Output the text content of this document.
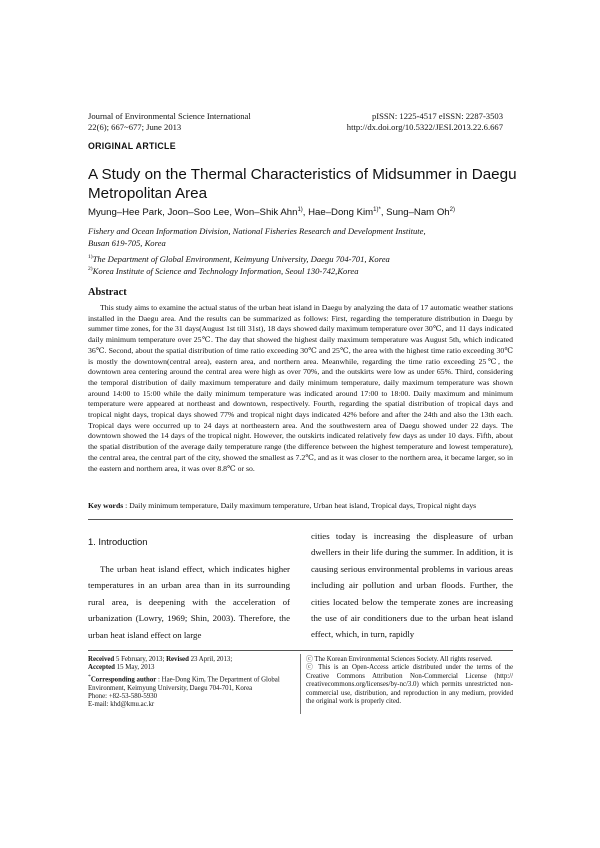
Journal of Environmental Science International
22(6); 667~677; June 2013
pISSN: 1225-4517 eISSN: 2287-3503
http://dx.doi.org/10.5322/JESI.2013.22.6.667
ORIGINAL ARTICLE
A Study on the Thermal Characteristics of Midsummer in Daegu Metropolitan Area
Myung–Hee Park, Joon–Soo Lee, Won–Shik Ahn$^{1)}$, Hae–Dong Kim$^{1)*}$, Sung–Nam Oh$^{2)}$
Fishery and Ocean Information Division, National Fisheries Research and Development Institute,
Busan 619-705, Korea
$^{1)}$The Department of Global Environment, Keimyung University, Daegu 704-701, Korea
$^{2)}$Korea Institute of Science and Technology Information, Seoul 130-742,Korea
Abstract

This study aims to examine the actual status of the urban heat island in Daegu by analyzing the data of 17 automatic weather stations installed in the Daegu area. And the results can be summarized as follows: First, regarding the temperature distribution in Daegu by summer time zones, for the 31 days(August 1st till 31st), 18 days showed daily maximum temperature over 30℃, and 11 days indicated daily minimum temperature over 25℃. The day that showed the highest daily maximum temperature was August 5th, which indicated 36℃. Second, about the spatial distribution of time ratio exceeding 30℃ and 25℃, the area with the highest time ratio exceeding 30℃ is mostly the downtown(central area), eastern area, and northern area. Meanwhile, regarding the time ratio exceeding 25℃, the downtown area centering around the central area were high as over 70%, and the outskirts were low as under 65%. Third, considering the temporal distribution of daily maximum temperature and daily minimum temperature, daily maximum temperature was shown around 14:00 to 15:00 while the daily minimum temperature was indicated around 17:00 to 18:00. Daily maximum and minimum temperature were appeared at northeast and downtown, respectively. Fourth, regarding the spatial distribution of tropical days and tropical night days, tropical days showed 77% and tropical night days indicated 42% before and after the 24th and also the 13th each. Tropical days were occurred up to 24 days at northeastern area. And the southwestern area of Daegu showed under 22 days. The downtown showed the 14 days of the tropical night. However, the outskirts indicated relatively few days as under 10 days. Fifth, about the spatial distribution of the average daily temperature range (the difference between the highest temperature and lowest temperature), the central area, the central part of the city, showed the smallest as 7.2℃, and as it was closer to the northern area, it became larger, so in the eastern and northern area, it was over 8.8℃ or so.

Key words : Daily minimum temperature, Daily maximum temperature, Urban heat island, Tropical days, Tropical night days
1. Introduction

The urban heat island effect, which indicates higher temperatures in an urban area than in its surrounding rural area, is deepening with the acceleration of urbanization (Lowry, 1969; Shin, 2003). Therefore, the urban heat island effect on large

cities today is increasing the displeasure of urban dwellers in their life during the summer. In addition, it is causing serious environmental problems in various areas including air pollution and urban floods. Further, the cities located below the temperate zones are increasing the use of air conditioners due to the urban heat island effect, which, in turn, rapidly

Received 5 February, 2013; Revised 23 April, 2013;
Accepted 15 May, 2013
*Corresponding author : Hae-Dong Kim, The Department of Global Environment, Keimyung University, Daegu 704-701, Korea
Phone: +82-53-580-5930
E-mail: khd@kmu.ac.kr

ⓒ The Korean Environmental Sciences Society. All rights reserved.

ⓒ This is an Open-Access article distributed under the terms of the Creative Commons Attribution Non-Commercial License (http:// creativecommons.org/licenses/by-nc/3.0) which permits unrestricted non-commercial use, distribution, and reproduction in any medium, provided the original work is properly cited.
